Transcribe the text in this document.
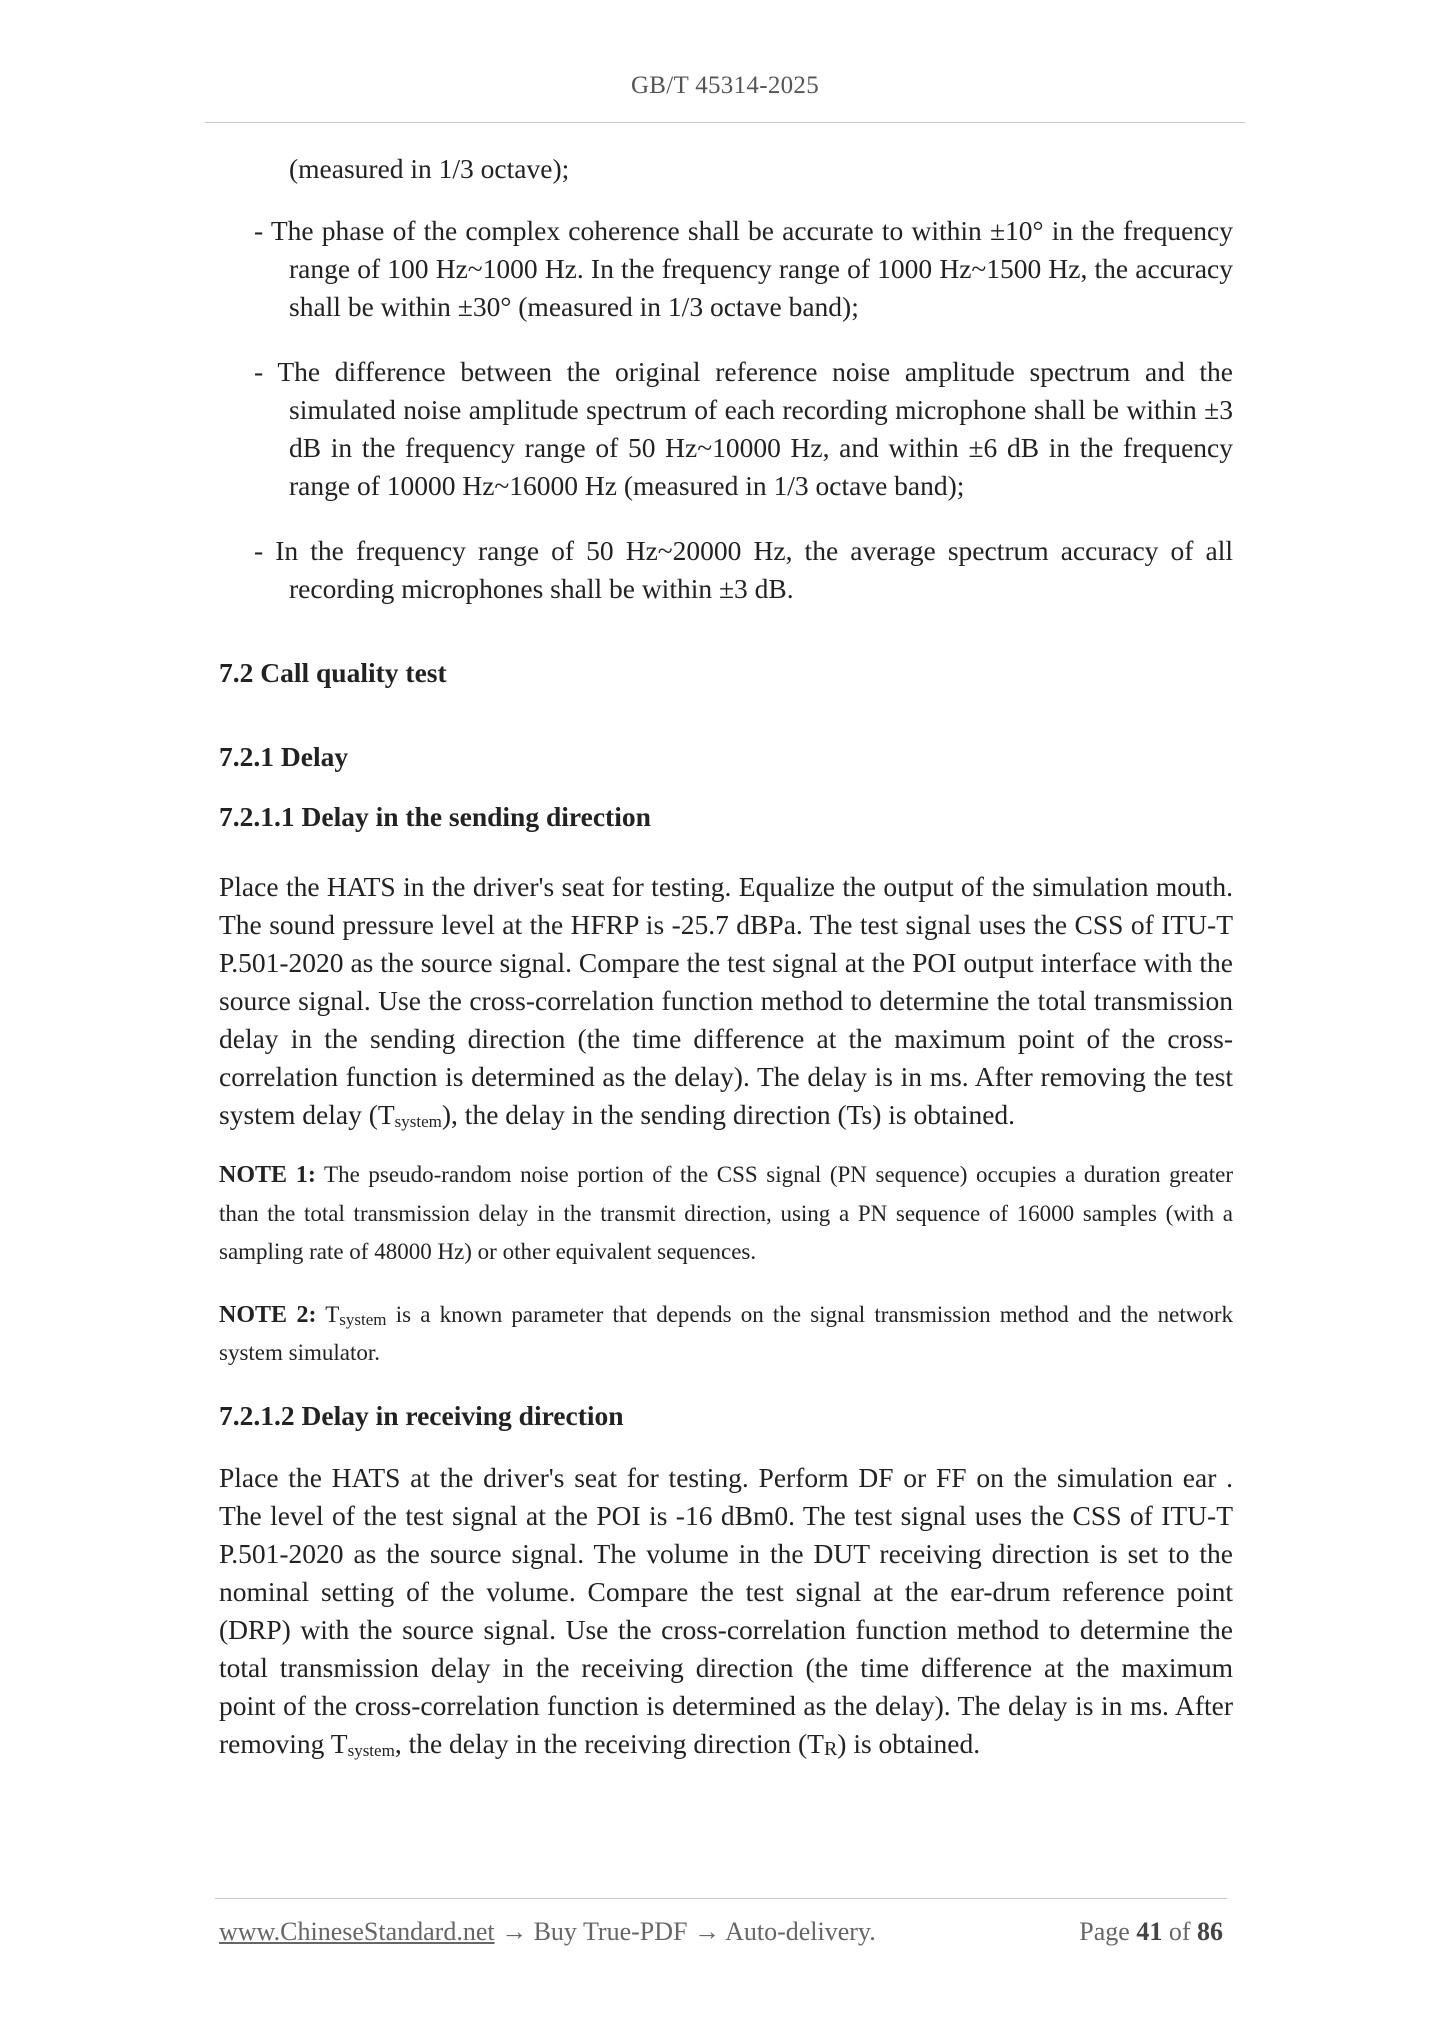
GB/T 45314-2025

(measured in 1/3 octave);

- The phase of the complex coherence shall be accurate to within ±10° in the frequency range of 100 Hz~1000 Hz. In the frequency range of 1000 Hz~1500 Hz, the accuracy shall be within ±30° (measured in 1/3 octave band);

- The difference between the original reference noise amplitude spectrum and the simulated noise amplitude spectrum of each recording microphone shall be within ±3 dB in the frequency range of 50 Hz~10000 Hz, and within ±6 dB in the frequency range of 10000 Hz~16000 Hz (measured in 1/3 octave band);

- In the frequency range of 50 Hz~20000 Hz, the average spectrum accuracy of all recording microphones shall be within ±3 dB.

7.2 Call quality test

7.2.1 Delay

7.2.1.1 Delay in the sending direction

Place the HATS in the driver's seat for testing. Equalize the output of the simulation mouth. The sound pressure level at the HFRP is -25.7 dBPa. The test signal uses the CSS of ITU-T P.501-2020 as the source signal. Compare the test signal at the POI output interface with the source signal. Use the cross-correlation function method to determine the total transmission delay in the sending direction (the time difference at the maximum point of the cross-correlation function is determined as the delay). The delay is in ms. After removing the test system delay $(T_{system})$, the delay in the sending direction (Ts) is obtained.

NOTE 1: The pseudo-random noise portion of the CSS signal (PN sequence) occupies a duration greater than the total transmission delay in the transmit direction, using a PN sequence of 16000 samples (with a sampling rate of 48000 Hz) or other equivalent sequences.

NOTE 2: $T_{system}$ is a known parameter that depends on the signal transmission method and the network system simulator.

7.2.1.2 Delay in receiving direction

Place the HATS at the driver's seat for testing. Perform DF or FF on the simulation ear . The level of the test signal at the POI is -16 dBm0. The test signal uses the CSS of ITU-T P.501-2020 as the source signal. The volume in the DUT receiving direction is set to the nominal setting of the volume. Compare the test signal at the ear-drum reference point (DRP) with the source signal. Use the cross-correlation function method to determine the total transmission delay in the receiving direction (the time difference at the maximum point of the cross-correlation function is determined as the delay). The delay is in ms. After removing $T_{system}$, the delay in the receiving direction (TR) is obtained.

www.ChineseStandard.net → Buy True-PDF → Auto-delivery.	Page 41 of 86
